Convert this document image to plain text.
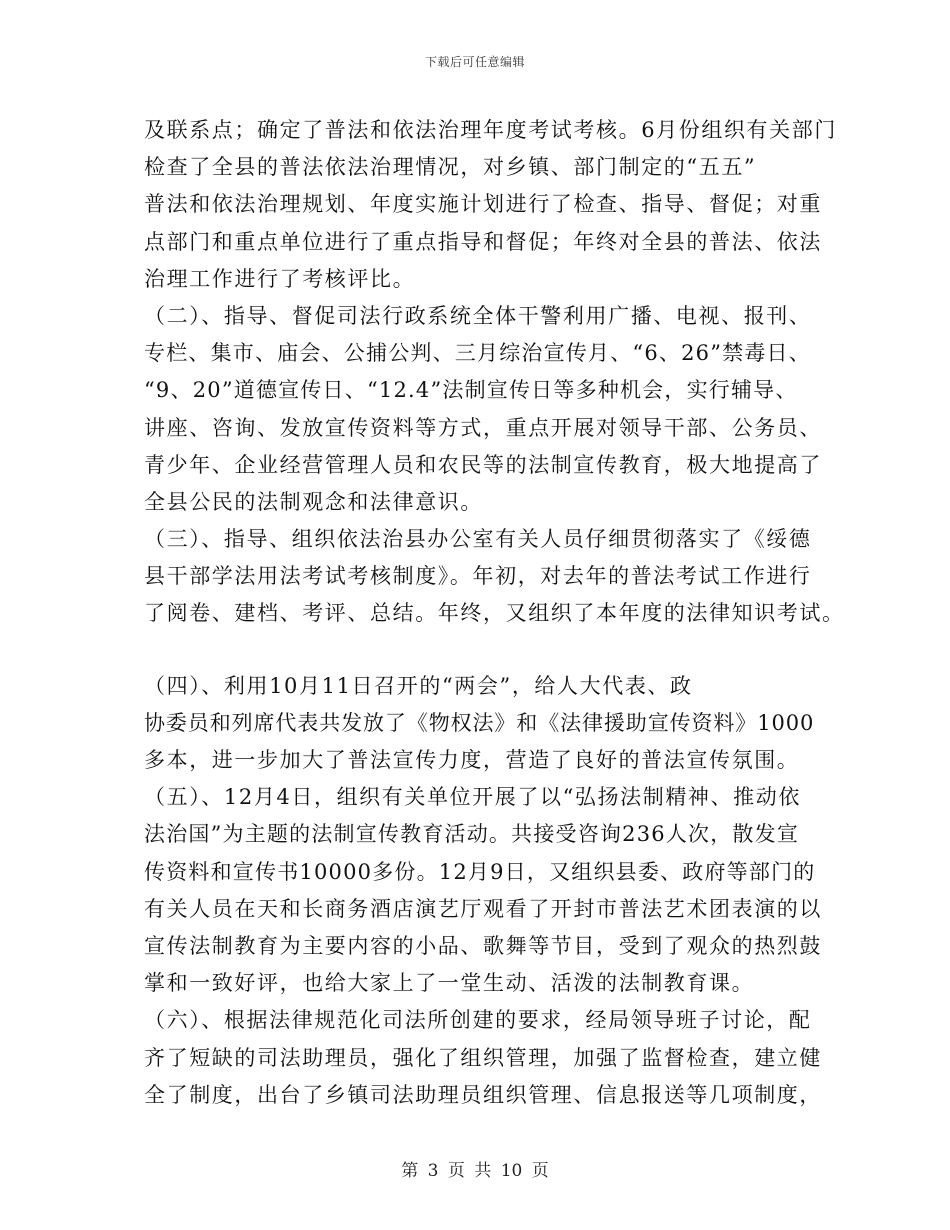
下载后可任意编辑
及联系点；确定了普法和依法治理年度考试考核。6月份组织有关部门
检查了全县的普法依法治理情况，对乡镇、部门制定的“五五”
普法和依法治理规划、年度实施计划进行了检查、指导、督促；对重
点部门和重点单位进行了重点指导和督促；年终对全县的普法、依法
治理工作进行了考核评比。
（二）、指导、督促司法行政系统全体干警利用广播、电视、报刊、
专栏、集市、庙会、公捕公判、三月综治宣传月、“6、26”禁毒日、
“9、20”道德宣传日、“12.4”法制宣传日等多种机会，实行辅导、
讲座、咨询、发放宣传资料等方式，重点开展对领导干部、公务员、
青少年、企业经营管理人员和农民等的法制宣传教育，极大地提高了
全县公民的法制观念和法律意识。
（三）、指导、组织依法治县办公室有关人员仔细贯彻落实了《绥德
县干部学法用法考试考核制度》。年初，对去年的普法考试工作进行
了阅卷、建档、考评、总结。年终，又组织了本年度的法律知识考试。
（四）、利用10月11日召开的“两会”，给人大代表、政
协委员和列席代表共发放了《物权法》和《法律援助宣传资料》1000
多本，进一步加大了普法宣传力度，营造了良好的普法宣传氛围。
（五）、12月4日，组织有关单位开展了以“弘扬法制精神、推动依
法治国”为主题的法制宣传教育活动。共接受咨询236人次，散发宣
传资料和宣传书10000多份。12月9日，又组织县委、政府等部门的
有关人员在天和长商务酒店演艺厅观看了开封市普法艺术团表演的以
宣传法制教育为主要内容的小品、歌舞等节目，受到了观众的热烈鼓
掌和一致好评，也给大家上了一堂生动、活泼的法制教育课。
（六）、根据法律规范化司法所创建的要求，经局领导班子讨论，配
齐了短缺的司法助理员，强化了组织管理，加强了监督检查，建立健
全了制度，出台了乡镇司法助理员组织管理、信息报送等几项制度，
第 3 页 共 10 页
